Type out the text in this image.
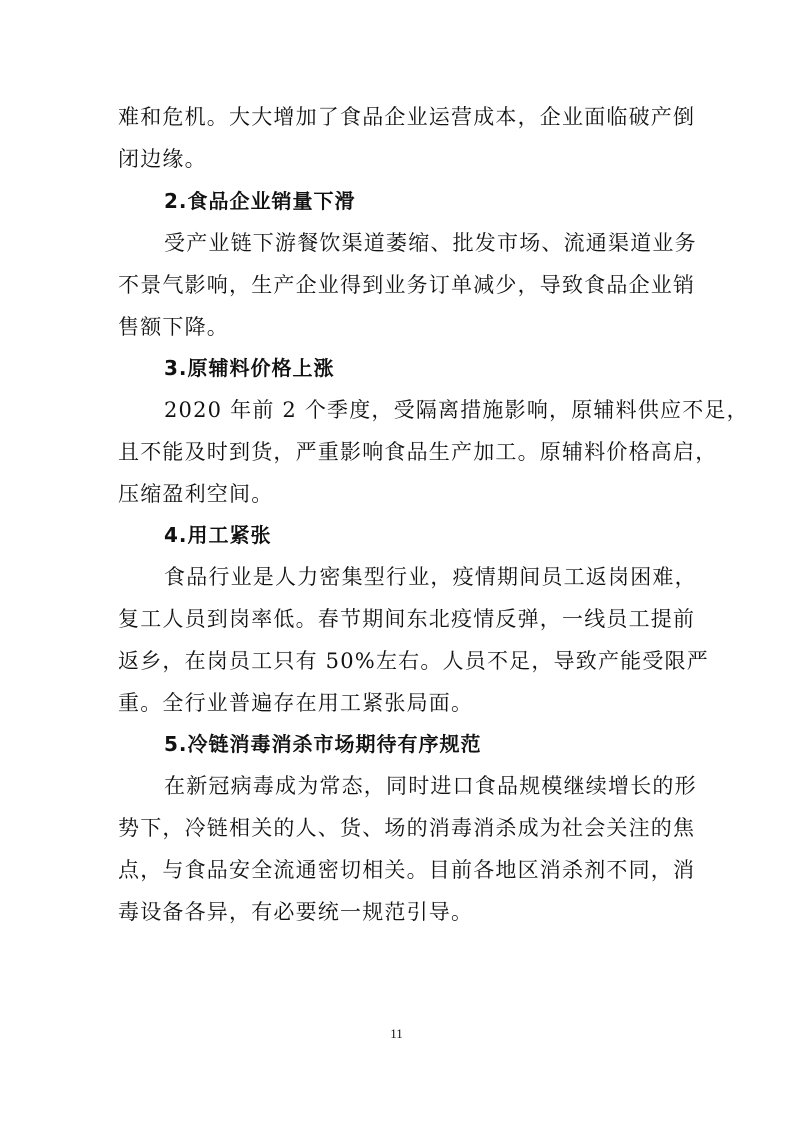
难和危机。大大增加了食品企业运营成本，企业面临破产倒
闭边缘。
2.食品企业销量下滑
受产业链下游餐饮渠道萎缩、批发市场、流通渠道业务
不景气影响，生产企业得到业务订单减少，导致食品企业销
售额下降。
3.原辅料价格上涨
2020 年前 2 个季度，受隔离措施影响，原辅料供应不足，
且不能及时到货，严重影响食品生产加工。原辅料价格高启，
压缩盈利空间。
4.用工紧张
食品行业是人力密集型行业，疫情期间员工返岗困难，
复工人员到岗率低。春节期间东北疫情反弹，一线员工提前
返乡，在岗员工只有 50%左右。人员不足，导致产能受限严
重。全行业普遍存在用工紧张局面。
5.冷链消毒消杀市场期待有序规范
在新冠病毒成为常态，同时进口食品规模继续增长的形
势下，冷链相关的人、货、场的消毒消杀成为社会关注的焦
点，与食品安全流通密切相关。目前各地区消杀剂不同，消
毒设备各异，有必要统一规范引导。
11
